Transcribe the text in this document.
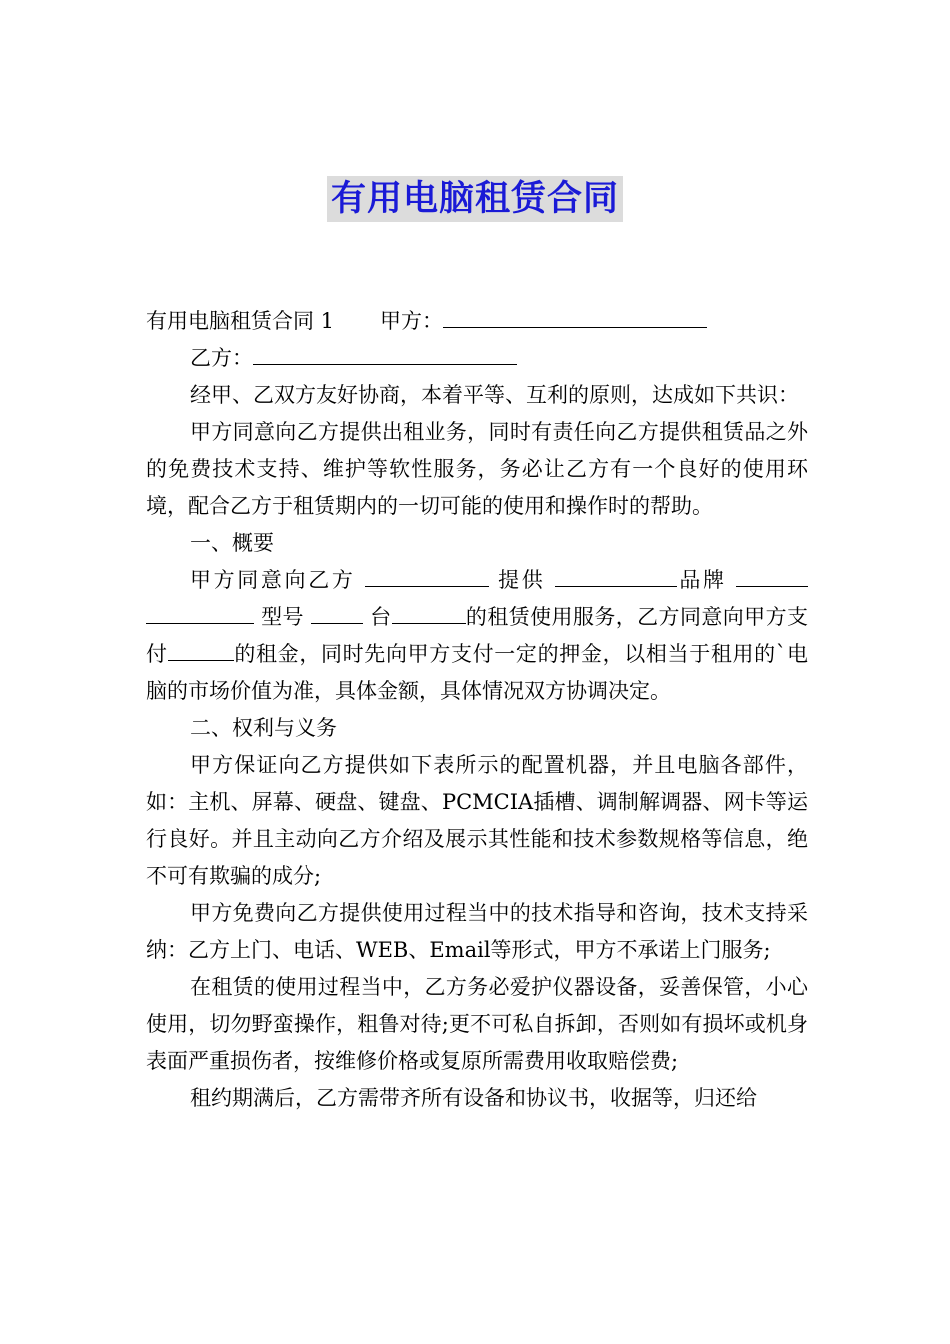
有用电脑租赁合同

有用电脑租赁合同 1 甲方：

乙方：

经甲、乙双方友好协商，本着平等、互利的原则，达成如下共识：

甲方同意向乙方提供出租业务，同时有责任向乙方提供租赁品之外的免费技术支持、维护等软性服务，务必让乙方有一个良好的使用环境，配合乙方于租赁期内的一切可能的使用和操作时的帮助。

一、概要

甲方同意向乙方	提供	品牌   型号	台	的租赁使用服务，乙方同意向甲方支付	的租金，同时先向甲方支付一定的押金，以相当于租用的`电脑的市场价值为准，具体金额，具体情况双方协调决定。

二、权利与义务

甲方保证向乙方提供如下表所示的配置机器，并且电脑各部件，如：主机、屏幕、硬盘、键盘、PCMCIA插槽、调制解调器、网卡等运行良好。并且主动向乙方介绍及展示其性能和技术参数规格等信息，绝不可有欺骗的成分;

甲方免费向乙方提供使用过程当中的技术指导和咨询，技术支持采纳：乙方上门、电话、WEB、Email等形式，甲方不承诺上门服务;

在租赁的使用过程当中，乙方务必爱护仪器设备，妥善保管，小心使用，切勿野蛮操作，粗鲁对待;更不可私自拆卸，否则如有损坏或机身表面严重损伤者，按维修价格或复原所需费用收取赔偿费;

租约期满后，乙方需带齐所有设备和协议书，收据等，归还给
